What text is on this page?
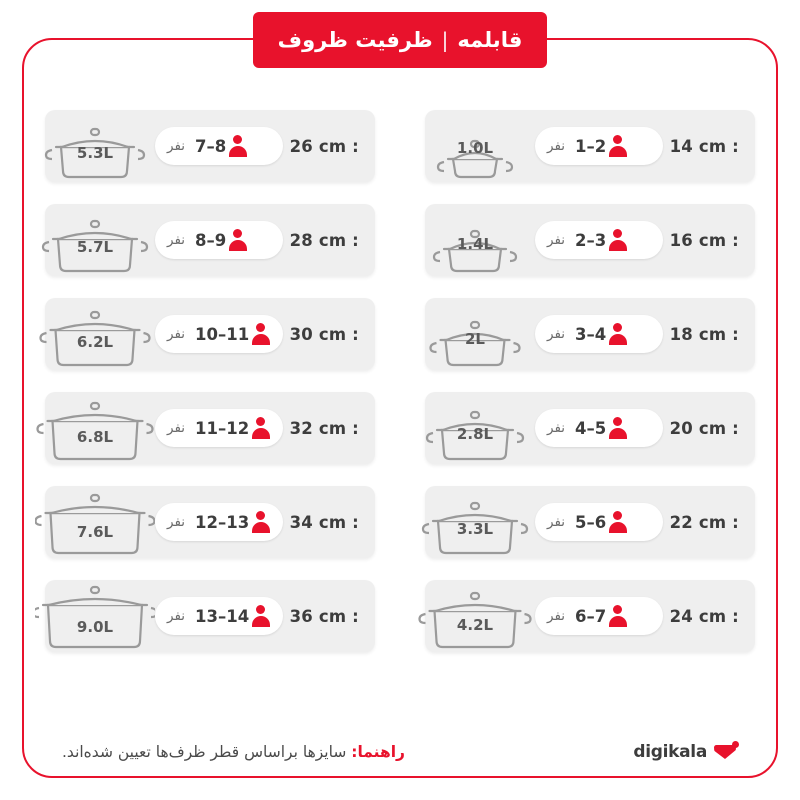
قابلمه
|
ظرفیت ظروف
14 cm :
نفر 1–2
1.0L
16 cm :
نفر 2–3
1.4L
18 cm :
نفر 3–4
2L
20 cm :
نفر 4–5
2.8L
22 cm :
نفر 5–6
3.3L
24 cm :
نفر 6–7
4.2L
26 cm :
نفر 7–8
5.3L
28 cm :
نفر 8–9
5.7L
30 cm :
نفر 10–11
6.2L
32 cm :
نفر 11–12
6.8L
34 cm :
نفر 12–13
7.6L
36 cm :
نفر 13–14
9.0L
راهنما: سایزها براساس قطر ظرف‌ها تعیین شده‌اند.	digikala
